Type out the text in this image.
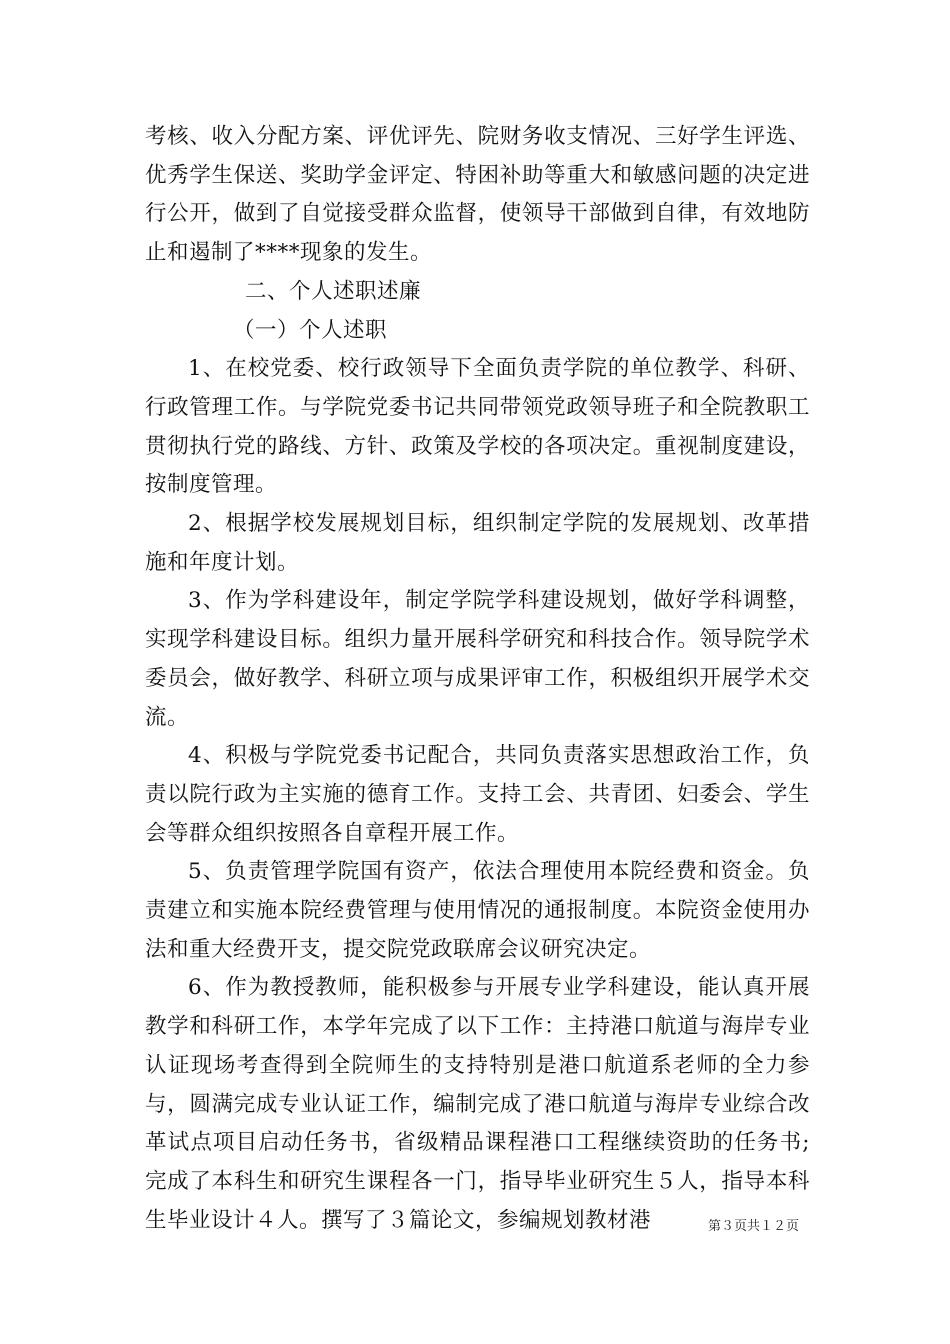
考核、收入分配方案、评优评先、院财务收支情况、三好学生评选、优秀学生保送、奖助学金评定、特困补助等重大和敏感问题的决定进行公开，做到了自觉接受群众监督，使领导干部做到自律，有效地防止和遏制了****现象的发生。

二、个人述职述廉

（一）个人述职

1、在校党委、校行政领导下全面负责学院的单位教学、科研、行政管理工作。与学院党委书记共同带领党政领导班子和全院教职工贯彻执行党的路线、方针、政策及学校的各项决定。重视制度建设，按制度管理。

2、根据学校发展规划目标，组织制定学院的发展规划、改革措施和年度计划。

3、作为学科建设年，制定学院学科建设规划，做好学科调整，实现学科建设目标。组织力量开展科学研究和科技合作。领导院学术委员会，做好教学、科研立项与成果评审工作，积极组织开展学术交流。

4、积极与学院党委书记配合，共同负责落实思想政治工作，负责以院行政为主实施的德育工作。支持工会、共青团、妇委会、学生会等群众组织按照各自章程开展工作。

5、负责管理学院国有资产，依法合理使用本院经费和资金。负责建立和实施本院经费管理与使用情况的通报制度。本院资金使用办法和重大经费开支，提交院党政联席会议研究决定。

6、作为教授教师，能积极参与开展专业学科建设，能认真开展教学和科研工作，本学年完成了以下工作：主持港口航道与海岸专业认证现场考查得到全院师生的支持特别是港口航道系老师的全力参与，圆满完成专业认证工作，编制完成了港口航道与海岸专业综合改革试点项目启动任务书，省级精品课程港口工程继续资助的任务书;完成了本科生和研究生课程各一门，指导毕业研究生５人，指导本科生毕业设计４人。撰写了３篇论文，参编规划教材港	第３页共１２页
